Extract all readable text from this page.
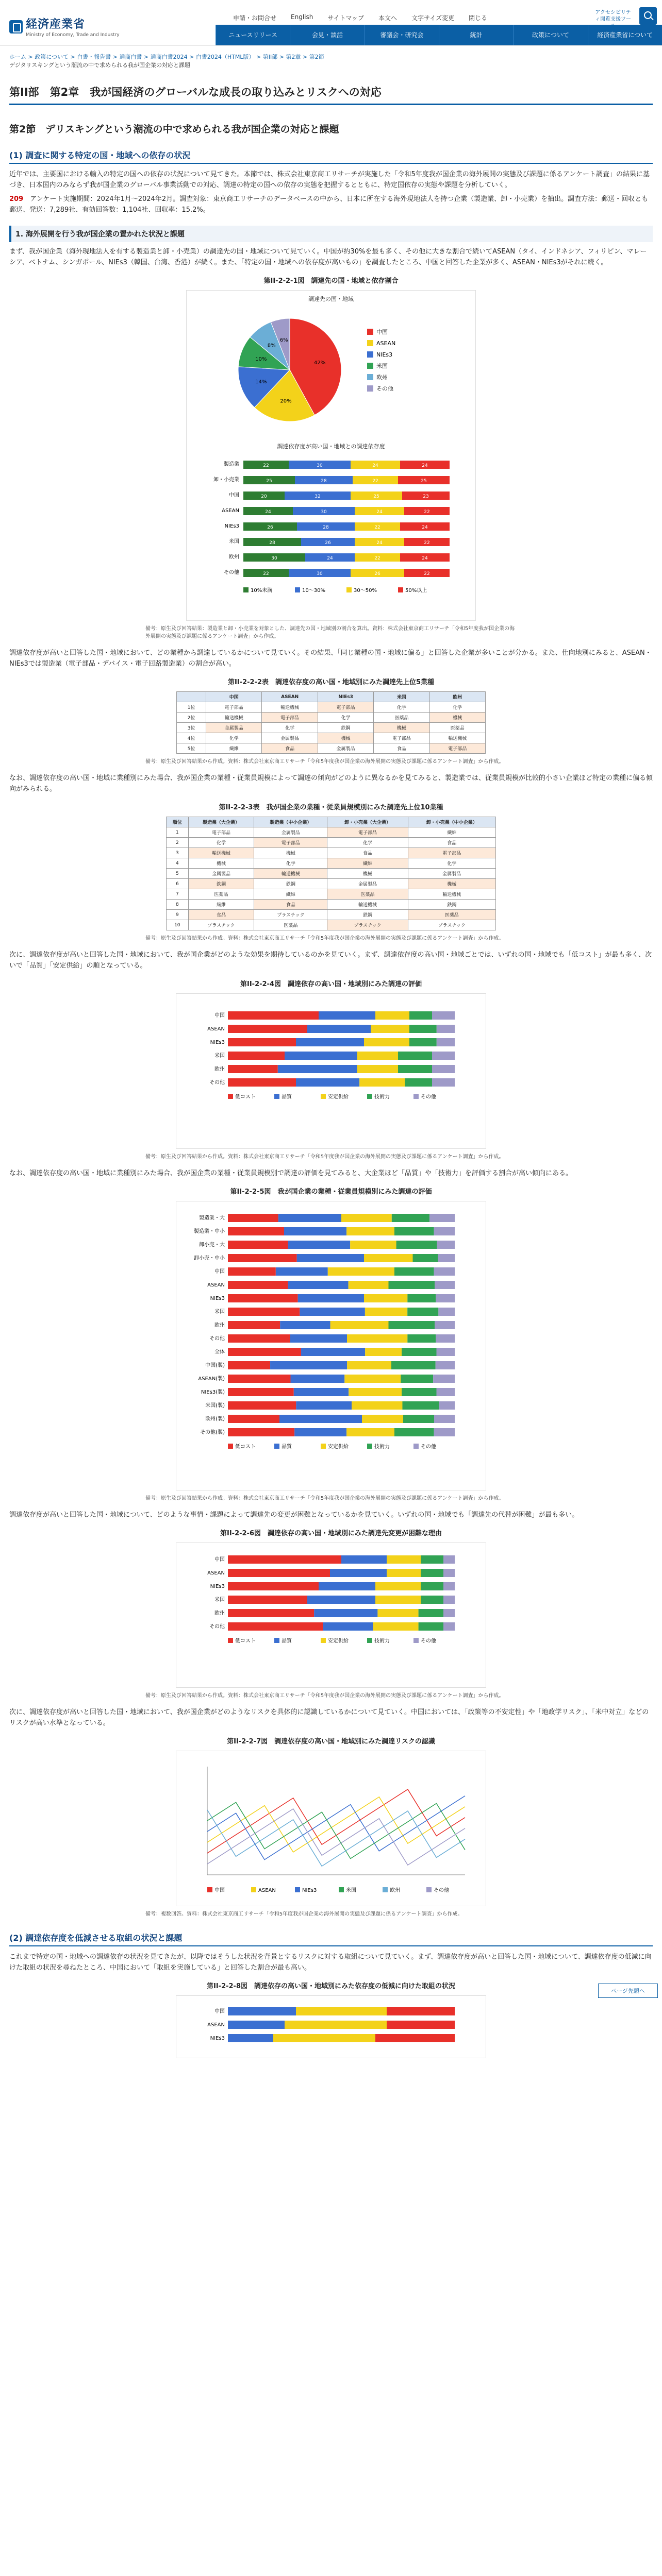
経済産業省
Ministry of Economy, Trade and Industry
申請・お問合せ English サイトマップ 本文へ 文字サイズ変更 閉じる
アクセシビリティ閲覧支援ツー
ニュースリリース	会見・談話	審議会・研究会	統計	政策について	経済産業省について
ホーム > 政策について > 白書・報告書 > 通商白書 > 通商白書2024 > 白書2024（HTML版） > 第II部 > 第2章 > 第2節
デジタリスキングという潮流の中で求められる我が国企業の対応と課題
第II部　第2章　我が国経済のグローバルな成長の取り込みとリスクへの対応
第2節　デリスキングという潮流の中で求められる我が国企業の対応と課題
(1) 調査に関する特定の国・地域への依存の状況

近年では、主要国における輸入の特定の国への依存の状況について見てきた。本節では、株式会社東京商工リサーチが実施した「令和5年度我が国企業の海外展開の実態及び課題に係るアンケート調査」の結果に基づき、日本国内のみならず我が国企業のグローバル事業活動での対応、調達の特定の国への依存の実態を把握するとともに、特定国依存の実態や課題を分析していく。

209　 アンケート実施期間：2024年1月〜2024年2月。調査対象：東京商工リサーチのデータベースの中から、日本に所在する海外現地法人を持つ企業（製造業、卸・小売業）を抽出。調査方法：郵送・回収とも郵送、発送：7,289社、有効回答数：1,104社、回収率：15.2%。

1. 海外展開を行う我が国企業の置かれた状況と課題

まず、我が国企業（海外現地法人を有する製造業と卸・小売業）の調達先の国・地域について見ていく。中国が約30%を最も多く、その他に大きな割合で続いてASEAN（タイ、インドネシア、フィリピン、マレーシア、ベトナム、シンガポール、NIEs3（韓国、台湾、香港）が続く。また、「特定の国・地域への依存度が高いもの」を調査したところ、中国と回答した企業が多く、ASEAN・NIEs3がそれに続く。

第II-2-2-1図　調達先の国・地域と依存割合
調達先の国・地域
42%
20%
14%
10%
8%
6%
中国
ASEAN
NIEs3
米国
欧州
その他
調達依存度が高い国・地域との調達依存度
製造業	22	30	24	24
卸・小売業	25	28	22	25
中国	20	32	25	23
ASEAN	24	30	24	22
NIEs3	26	28	22	24
米国	28	26	24	22
欧州	30	24	22	24
その他	22	30	26	22
10%未満	10〜30%	30〜50%	50%以上
備考：原生及び回答結果：製造業と卸・小売業を対象とした、調達先の国・地域別の割合を算出。資料：株式会社東京商工リサーチ「令和5年度我が国企業の海外展開の実態及び課題に係るアンケート調査」から作成。

調達依存度が高いと回答した国・地域において、どの業種から調達しているかについて見ていく。その結果、「同じ業種の国・地域に偏る」と回答した企業が多いことが分かる。また、仕向地別にみると、ASEAN・NIEs3では製造業（電子部品・デバイス・電子回路製造業）の割合が高い。

第II-2-2-2表　調達依存度の高い国・地域別にみた調達先上位5業種
	中国	ASEAN	NIEs3	米国	欧州
1位	電子部品	輸送機械	電子部品	化学	化学
2位	輸送機械	電子部品	化学	医薬品	機械
3位	金属製品	化学	鉄鋼	機械	医薬品
4位	化学	金属製品	機械	電子部品	輸送機械
5位	繊維	食品	金属製品	食品	電子部品
備考：原生及び回答結果から作成。資料：株式会社東京商工リサーチ「令和5年度我が国企業の海外展開の実態及び課題に係るアンケート調査」から作成。

なお、調達依存度の高い国・地域に業種別にみた場合、我が国企業の業種・従業員規模によって調達の傾向がどのように異なるかを見てみると、製造業では、従業員規模が比較的小さい企業ほど特定の業種に偏る傾向がみられる。

第II-2-2-3表　我が国企業の業種・従業員規模別にみた調達先上位10業種
順位	製造業（大企業）	製造業（中小企業）	卸・小売業（大企業）	卸・小売業（中小企業）
1	電子部品	金属製品	電子部品	繊維
2	化学	電子部品	化学	食品
3	輸送機械	機械	食品	電子部品
4	機械	化学	繊維	化学
5	金属製品	輸送機械	機械	金属製品
6	鉄鋼	鉄鋼	金属製品	機械
7	医薬品	繊維	医薬品	輸送機械
8	繊維	食品	輸送機械	鉄鋼
9	食品	プラスチック	鉄鋼	医薬品
10	プラスチック	医薬品	プラスチック	プラスチック
備考：原生及び回答結果から作成。資料：株式会社東京商工リサーチ「令和5年度我が国企業の海外展開の実態及び課題に係るアンケート調査」から作成。

次に、調達依存度が高いと回答した国・地域において、我が国企業がどのような効果を期待しているのかを見ていく。まず、調達依存度の高い国・地域ごとでは、いずれの国・地域でも「低コスト」が最も多く、次いで「品質」「安定供給」の順となっている。

第II-2-2-4図　調達依存の高い国・地域別にみた調達の評価
中国
ASEAN
NIEs3
米国
欧州
その他
低コスト	品質	安定供給	技術力	その他
備考：原生及び回答結果から作成。資料：株式会社東京商工リサーチ「令和5年度我が国企業の海外展開の実態及び課題に係るアンケート調査」から作成。

なお、調達依存度の高い国・地域に業種別にみた場合、我が国企業の業種・従業員規模別で調達の評価を見てみると、大企業ほど「品質」や「技術力」を評価する割合が高い傾向にある。

第II-2-2-5図　我が国企業の業種・従業員規模別にみた調達の評価
製造業・大
製造業・中小
卸小売・大
卸小売・中小
中国
ASEAN
NIEs3
米国
欧州
その他
全体
中国(製)
ASEAN(製)
NIEs3(製)
米国(製)
欧州(製)
その他(製)
低コスト	品質	安定供給	技術力	その他
備考：原生及び回答結果から作成。資料：株式会社東京商工リサーチ「令和5年度我が国企業の海外展開の実態及び課題に係るアンケート調査」から作成。

調達依存度が高いと回答した国・地域について、どのような事情・課題によって調達先の変更が困難となっているかを見ていく。いずれの国・地域でも「調達先の代替が困難」が最も多い。

第II-2-2-6図　調達依存の高い国・地域別にみた調達先変更が困難な理由
中国
ASEAN
NIEs3
米国
欧州
その他
低コスト	品質	安定供給	技術力	その他
備考：原生及び回答結果から作成。資料：株式会社東京商工リサーチ「令和5年度我が国企業の海外展開の実態及び課題に係るアンケート調査」から作成。

次に、調達依存度が高いと回答した国・地域において、我が国企業がどのようなリスクを具体的に認識しているかについて見ていく。中国においては、「政策等の不安定性」や「地政学リスク」、「米中対立」などのリスクが高い水準となっている。

第II-2-2-7図　調達依存度の高い国・地域別にみた調達リスクの認識
中国	ASEAN	NIEs3	米国	欧州	その他
備考：複数回答。資料：株式会社東京商工リサーチ「令和5年度我が国企業の海外展開の実態及び課題に係るアンケート調査」から作成。
(2) 調達依存度を低減させる取組の状況と課題

これまで特定の国・地域への調達依存の状況を見てきたが、以降ではそうした状況を背景とするリスクに対する取組について見ていく。まず、調達依存度が高いと回答した国・地域について、調達依存度の低減に向けた取組の状況を尋ねたところ、中国において「取組を実施している」と回答した割合が最も高い。

第II-2-2-8図　調達依存の高い国・地域別にみた依存度の低減に向けた取組の状況
中国
ASEAN
NIEs3
ページ先頭へ
